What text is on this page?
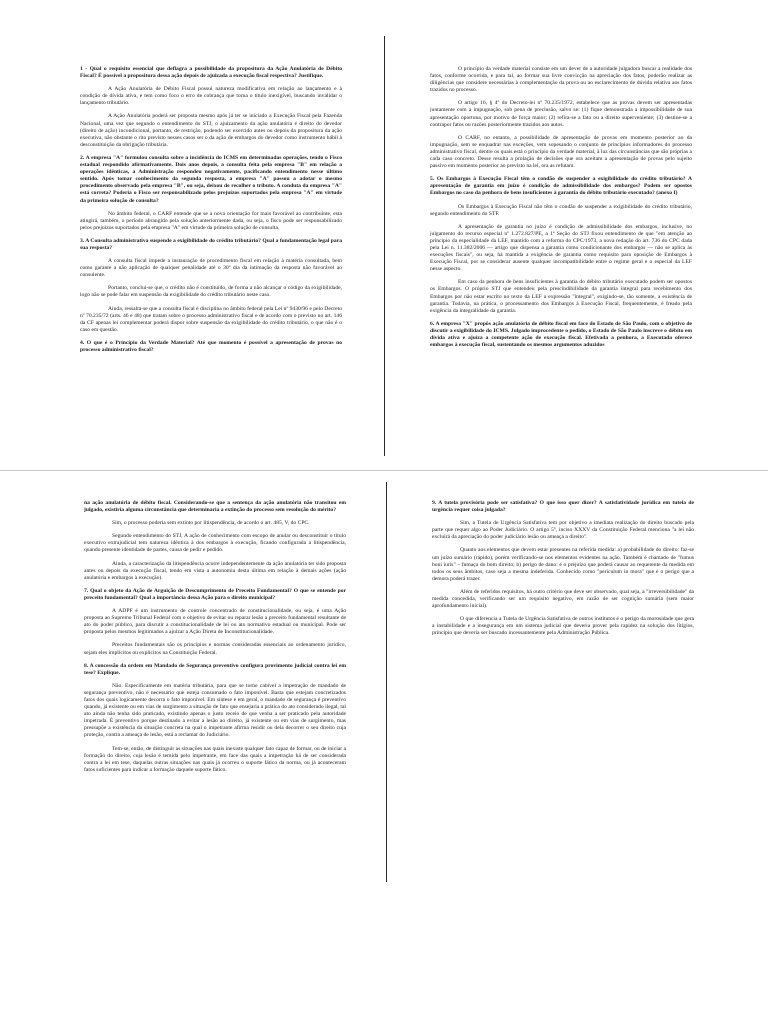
1 - Qual o requisito essencial que deflagra a possibilidade da propositura da Ação Anulatória de Débito Fiscal? É possível a propositura dessa ação depois de ajuizada a execução fiscal respectiva? Justifique.

A Ação Anulatória de Débito Fiscal possui natureza modificativa em relação ao lançamento e à condição de dívida ativa, e tem como foco o erro de cobrança que torna o título inexigível, buscando invalidar o lançamento tributário.

A Ação Anulatória poderá ser proposta mesmo após já ter se iniciado a Execução Fiscal pela Fazenda Nacional, uma vez que segundo o entendimento do STJ, o ajuizamento da ação anulatória é direito do devedor (direito de ação) incondicional, portanto, de restrição, podendo ser exercido antes ou depois da propositura da ação executiva, não obstante o rito previsto nesses casos ser o da ação de embargos do devedor como instrumento hábil à desconstituição da obrigação tributária.

2. A empresa "A" formulou consulta sobre a incidência do ICMS em determinadas operações, tendo o Fisco estadual respondido afirmativamente. Dois anos depois, a consulta feita pela empresa "B" em relação a operações idênticas, a Administração respondeu negativamente, pacificando entendimento nesse último sentido. Após tomar conhecimento da segunda resposta, a empresa "A" passou a adotar o mesmo procedimento observado pela empresa "B", ou seja, deixou de recolher o tributo. A conduta da empresa "A" está correta? Poderia o Fisco ser responsabilizado pelos prejuízos suportados pela empresa "A" em virtude da primeira solução de consulta?

No âmbito federal, o CARF entende que se a nova orientação for mais favorável ao contribuinte, esta atingirá, também, o período abrangido pela solução anteriormente dada, ou seja, o fisco pode ser responsabilizado pelos prejuízos suportados pela empresa "A" em virtude da primeira solução de consulta.

3. A Consulta administrativa suspende a exigibilidade do crédito tributário? Qual a fundamentação legal para sua resposta?

A consulta fiscal impede a instauração de procedimento fiscal em relação à matéria consultada, bem como garante a não aplicação de qualquer penalidade até o 30º dia da intimação da resposta não favorável ao consulente.

Portanto, conclui-se que, o crédito não é constituído, de forma a não alcançar o código da exigibilidade, logo não se pode falar em suspensão da exigibilidade do crédito tributário neste caso.

Ainda, ressalta-se que a consulta fiscal é disciplina no âmbito federal pela Lei nº 9430/96 e pelo Decreto nº 70.235/72 (arts. 46 e 48) que tratam sobre o processo administrativo fiscal e de acordo com o previsto no art. 146 da CF apenas lei complementar poderá dispor sobre suspensão da exigibilidade do crédito tributário, o que não é o caso em questão.

4. O que é o Princípio da Verdade Material? Até que momento é possível a apresentação de provas no processo administrativo fiscal?

O princípio da verdade material consiste em um dever de a autoridade julgadora buscar a realidade dos fatos, conforme ocorrida, e para tal, ao formar sua livre convicção na apreciação dos fatos, poderão realizar as diligências que considere necessárias à complementação da prova ou ao esclarecimento de dúvida relativa aos fatos trazidos no processo.

O artigo 16, § 4º do Decreto-lei nº 70.235/1972, estabelece que as provas devem ser apresentadas juntamente com a impugnação, sob pena de preclusão, salvo se: (1) fique demonstrada a impossibilidade de sua apresentação oportuna, por motivo de força maior; (2) refira-se a fato ou a direito superveniente; (3) destine-se a contrapor fatos ou razões posteriormente trazidos aos autos.

O CARF, no entanto, a possibilidade de apresentação de provas em momento posterior ao da impugnação, sem se enquadrar nas exceções, vem sopesando o conjunto de princípios informadores do processo administrativo fiscal, dentre os quais está o princípio da verdade material, à luz das circunstâncias que são próprias a cada caso concreto. Desse resulta a prolação de decisões que ora aceitam a apresentação de provas pelo sujeito passivo em momento posterior ao previsto na lei, ora as refutam.

5. Os Embargos à Execução Fiscal têm o condão de suspender a exigibilidade do crédito tributário? A apresentação de garantia em juízo é condição de admissibilidade dos embargos? Podem ser opostos Embargos no caso da penhora de bens insuficientes à garantia do débito tributário executado? (anexo I)

Os Embargos à Execução Fiscal não têm o condão de suspender a exigibilidade do crédito tributário, segundo entendimento do STF.

A apresentação de garantia no juízo é condição de admissibilidade dos embargos, inclusive, no julgamento do recurso especial nº 1.272.827/PE, a 1ª Seção do STJ fixou entendimento de que "em atenção ao princípio da especialidade da LEF, mantido com a reforma do CPC/1973, a nova redação do art. 736 do CPC dada pela Lei n. 11.382/2006 — artigo que dispensa a garantia como condicionante dos embargos — não se aplica às execuções fiscais", ou seja, há mantida a exigência de garantia como requisito para oposição de Embargos à Execução Fiscal, por se considerar ausente qualquer incompatibilidade entre o regime geral e o especial da LEF nesse aspecto.

Em caso da penhora de bens insuficientes à garantia do débito tributário executado podem ser opostos os Embargos. O próprio STJ que entendeu pela prescindibilidade da garantia integral para recebimento dos Embargos por não estar escrito no texto da LEF a expressão "integral", exigindo-se, tão somente, a existência de garantia. Todavia, na prática, o processamento dos Embargos à Execução Fiscal, frequentemente, é freado pela exigência da integralidade da garantia.

6. A empresa "X" propôs ação anulatória de débito fiscal em face do Estado de São Paulo, com o objetivo de discutir a exigibilidade do ICMS. Julgado improcedente o pedido, o Estado de São Paulo inscreve o débito em dívida ativa e ajuíza a competente ação de execução fiscal. Efetivada a penhora, a Executada oferece embargos à execução fiscal, sustentando os mesmos argumentos aduzidos

na ação anulatória de débito fiscal. Considerando-se que a sentença da ação anulatória não transitou em julgado, existiria alguma circunstância que determinaria a extinção do processo sem resolução do mérito?

Sim, o processo poderia sem extinto por litispendência, de acordo o art. 485, V, do CPC.

Segundo entendimento do STJ, A ação de conhecimento com escopo de anular ou desconstituir o título executivo extrajudicial tem natureza idêntica à dos embargos à execução, ficando configurada a litispendência, quando presente identidade de partes, causa de pedir e pedido.

Ainda, a caracterização da litispendência ocorre independentemente da ação anulatória ter sido proposta antes ou depois da execução fiscal, tendo em vista a autonomia desta última em relação à demais ações (ação anulatória e embargos à execução).

7. Qual o objeto da Ação de Arguição de Descumprimento de Preceito Fundamental? O que se entende por preceito fundamental? Qual a importância dessa Ação para o direito municipal?

A ADPF é um instrumento de controle concentrado de constitucionalidade, ou seja, é uma Ação proposta ao Supremo Tribunal Federal com o objetivo de evitar ou reparar lesão a preceito fundamental resultante de ato do poder público, para discutir a constitucionalidade de lei ou ato normativo estadual ou municipal. Pode ser proposta pelos mesmos legitimados a ajuizar a Ação Direta de Inconstitucionalidade.

Preceitos fundamentais são os princípios e normas consideradas essenciais ao ordenamento jurídico, sejam eles implícitos ou explícitos na Constituição Federal.

8. A concessão da ordem em Mandado de Segurança preventivo configura provimento judicial contra lei em tese? Explique.

Não. Especificamente em matéria tributária, para que se torne cabível a impetração de mandado de segurança preventivo, não é necessário que esteja consumado o fato imponível. Basta que estejam concretizados fatos dos quais logicamente decorra o fato imponível. Em síntese e em geral, o mandado de segurança é preventivo quando, já existente ou em vias de surgimento a situação de fato que ensejaria a prática do ato considerado ilegal, tal ato ainda não tenha sido praticado, existindo apenas o justo receio de que venha a ser praticado pela autoridade impetrada. É preventivo porque destinado a evitar a lesão ao direito, já existente ou em vias de surgimento, mas pressupõe a existência da situação concreta na qual o impetrante afirma residir ou dela decorrer o seu direito cuja proteção, contra a ameaça de lesão, está a reclamar do Judiciário.

Tem-se, então, de distinguir as situações nas quais inexiste qualquer fato capaz de formar, ou de iniciar a formação do direito, cuja lesão é temida pelo impetrante, em face das quais a impetração há de ser considerada contra a lei em tese, daquelas outras situações nas quais já ocorreu o suporte fático da norma, ou já aconteceram fatos suficientes para indicar a formação daquele suporte fático.

9. A tutela provisória pode ser satisfativa? O que isso quer dizer? A satisfatividade jurídica em tutela de urgência requer coisa julgada?

Sim, a Tutela de Urgência Satisfativa tem por objetivo a imediata realização do direito buscado pela parte que requer algo ao Poder Judiciário. O artigo 5º, inciso XXXV da Constituição Federal menciona "a lei não excluirá da apreciação do poder judiciário lesão ou ameaça a direito".

Quanto aos elementos que devem estar presentes na referida medida: a) probabilidade do direito: faz-se um juízo sumário (rápido), porém verificando-se nos elementos evidentes na ação. Também é chamado de "fumus boni iuris" – fumaça do bom direito; b) perigo de dano: é o prejuízo que poderá causar ao requerente da medida em todos os seus âmbitos, caso seja a mesma indeferida. Conhecido como "periculum in mora" que é o perigo que a demora poderá trazer.

Além de referidos requisitos, há outro critério que deve ser observado, qual seja, a "irreversibilidade" da medida concedida, verificando ser um requisito negativo, em razão de ser cognição sumária (sem maior aprofundamento inicial).

O que diferencia a Tutela de Urgência Satisfativa de outros institutos é o perigo da morosidade que gera a instabilidade e a insegurança em um sistema judicial que deveria prover pela rapidez na solução dos litígios, princípio que deveria ser buscado incessantemente pela Administração Pública.
